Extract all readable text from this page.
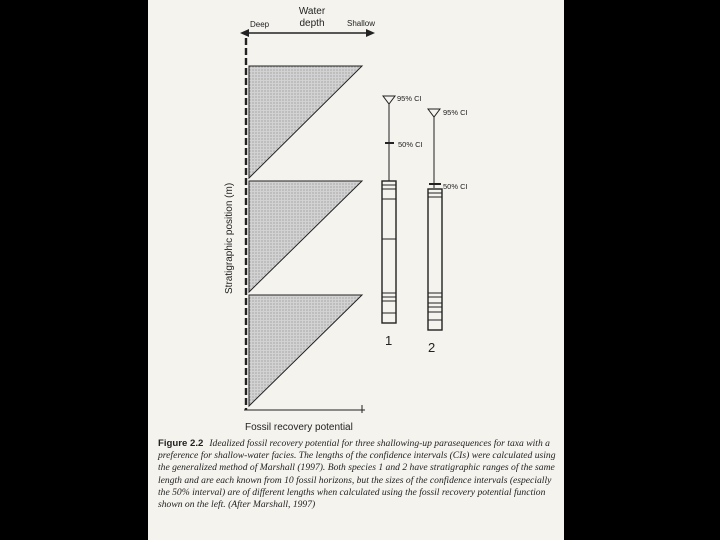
Water
depth
Deep	Shallow
Fossil recovery potential
Stratigraphic position (m)
95% CI
50% CI
1
95% CI
50% CI
2
Figure 2.2 Idealized fossil recovery potential for three shallowing-up parasequences for taxa with a preference for shallow-water facies. The lengths of the confidence intervals (CIs) were calculated using the generalized method of Marshall (1997). Both species 1 and 2 have stratigraphic ranges of the same length and are each known from 10 fossil horizons, but the sizes of the confidence intervals (especially the 50% interval) are of different lengths when calculated using the fossil recovery potential function shown on the left. (After Marshall, 1997)
